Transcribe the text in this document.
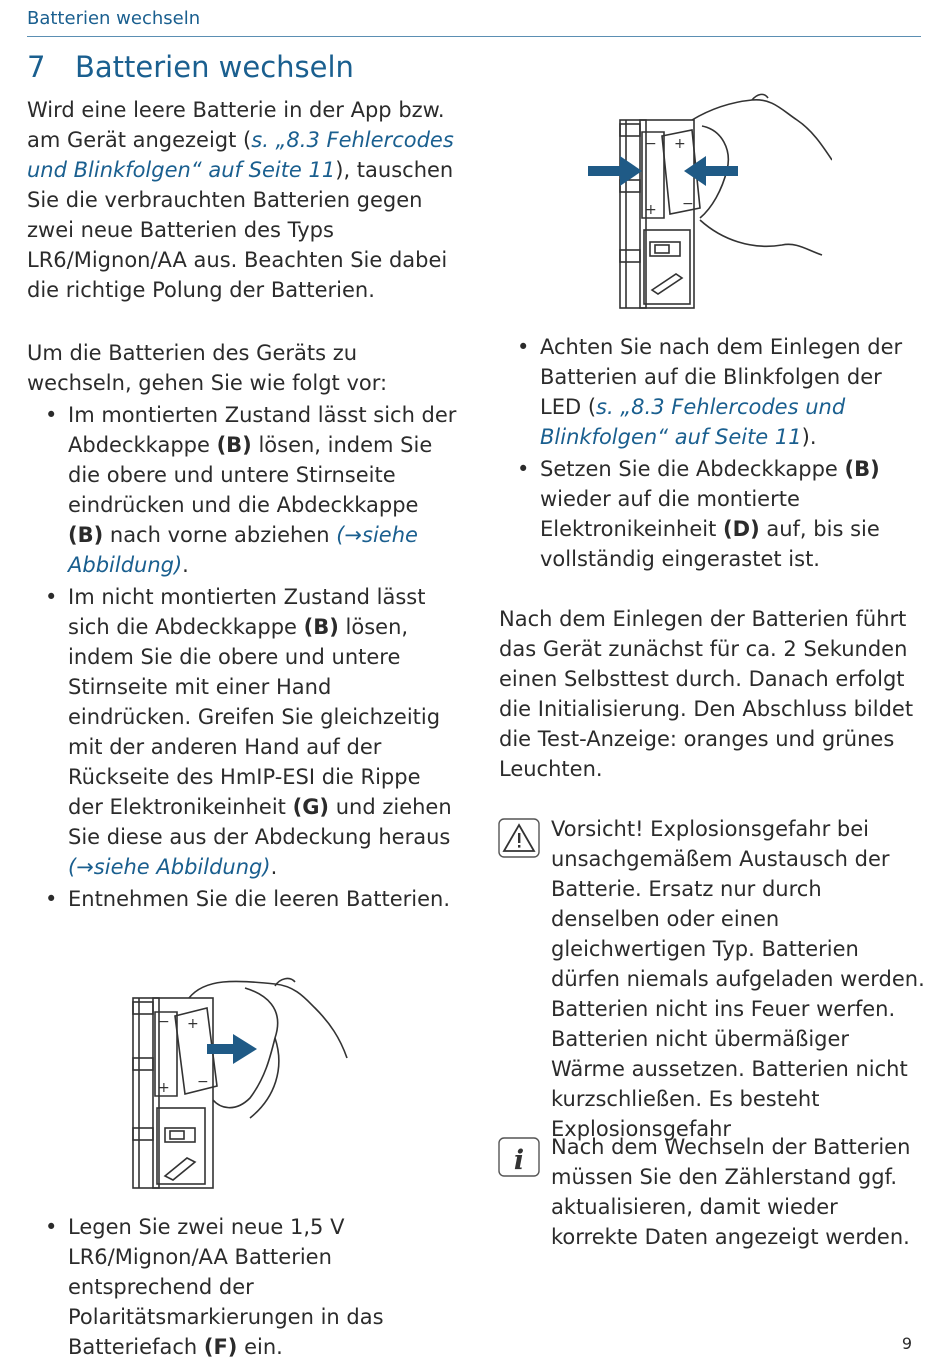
Batterien wechseln
7 Batterien wechseln

Wird eine leere Batterie in der App bzw. am Gerät angezeigt (s. „8.3 Fehlercodes und Blinkfolgen“ auf Seite 11), tauschen Sie die verbrauchten Batterien gegen zwei neue Batterien des Typs LR6/Mignon/AA aus. Beachten Sie dabei die richtige Polung der Batterien.

Um die Batterien des Geräts zu wechseln, gehen Sie wie folgt vor:

• Im montierten Zustand lässt sich der Abdeckkappe (B) lösen, indem Sie die obere und untere Stirnseite eindrücken und die Abdeckkappe (B) nach vorne abziehen (→siehe Abbildung).
• Im nicht montierten Zustand lässt sich die Abdeckkappe (B) lösen, indem Sie die obere und untere Stirnseite mit einer Hand eindrücken. Greifen Sie gleichzeitig mit der anderen Hand auf der Rückseite des HmIP-ESI die Rippe der Elektronikeinheit (G) und ziehen Sie diese aus der Abdeckung heraus (→siehe Abbildung).
• Entnehmen Sie die leeren Batterien.
−
+
+
−
• Legen Sie zwei neue 1,5 V LR6/Mignon/AA Batterien entsprechend der Polaritätsmarkierungen in das Batteriefach (F) ein.
−
+
+
−
• Achten Sie nach dem Einlegen der Batterien auf die Blinkfolgen der LED (s. „8.3 Fehlercodes und Blinkfolgen“ auf Seite 11).
• Setzen Sie die Abdeckkappe (B) wieder auf die montierte Elektronikeinheit (D) auf, bis sie vollständig eingerastet ist.

Nach dem Einlegen der Batterien führt das Gerät zunächst für ca. 2 Sekunden einen Selbsttest durch. Danach erfolgt die Initialisierung. Den Abschluss bildet die Test-Anzeige: oranges und grünes Leuchten.

Vorsicht! Explosionsgefahr bei unsachgemäßem Austausch der Batterie. Ersatz nur durch denselben oder einen gleichwertigen Typ. Batterien dürfen niemals aufgeladen werden. Batterien nicht ins Feuer werfen. Batterien nicht übermäßiger Wärme aussetzen. Batterien nicht kurzschließen. Es besteht Explosionsgefahr
i Nach dem Wechseln der Batterien müssen Sie den Zählerstand ggf. aktualisieren, damit wieder korrekte Daten angezeigt werden.
9
